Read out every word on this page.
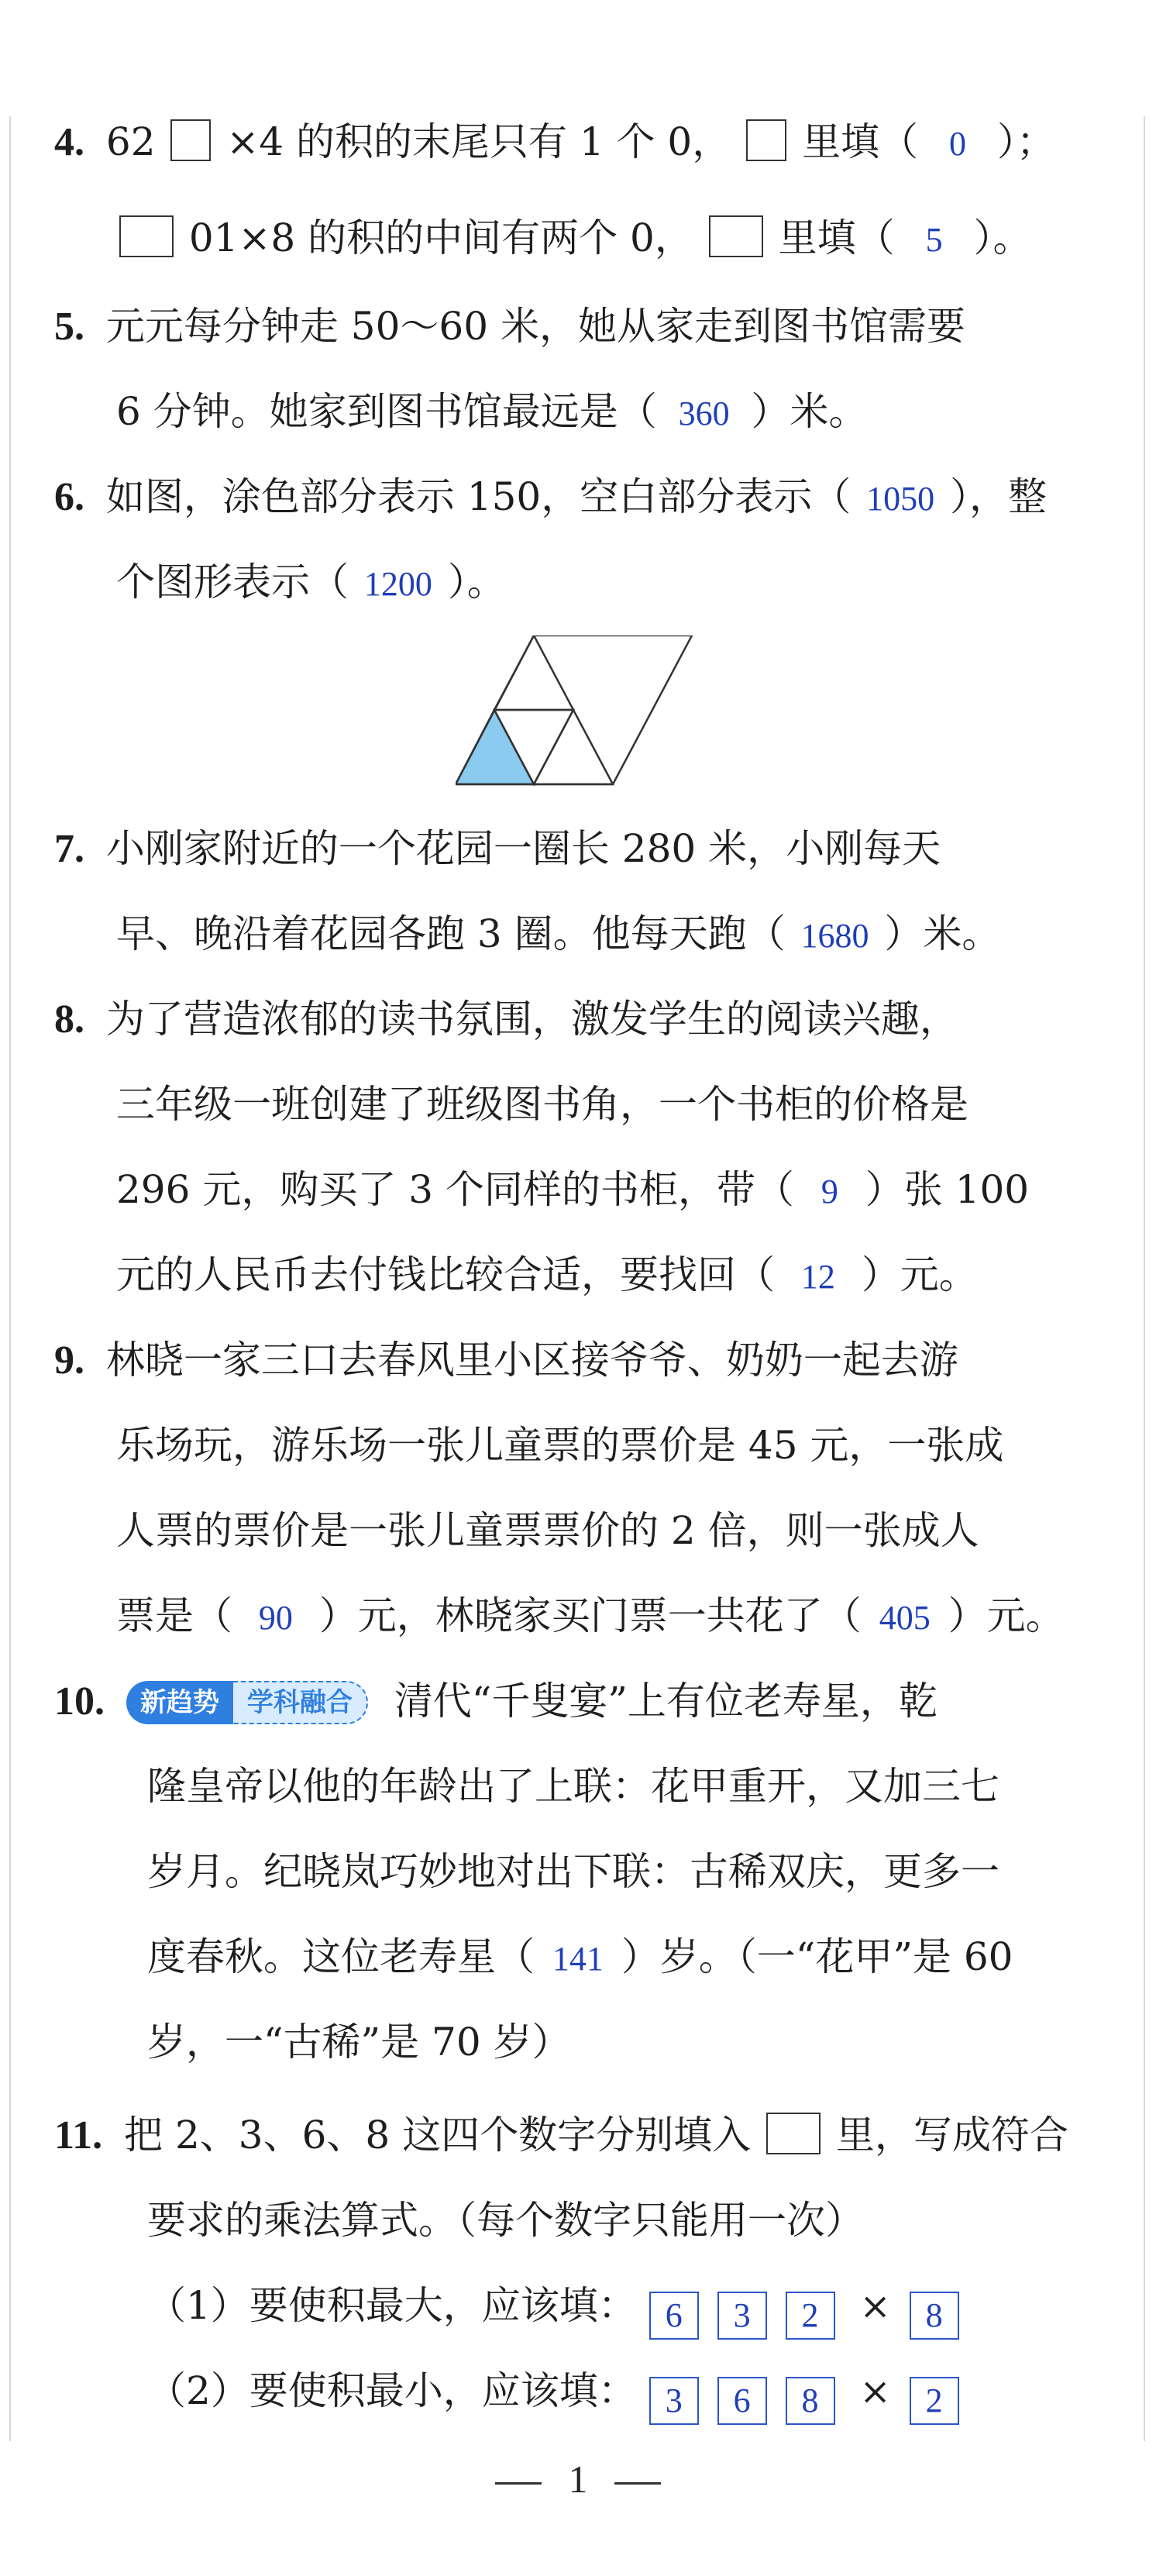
4. 62 ×4 的积的末尾只有 1 个 0， 里填（ 0 ）；
01×8 的积的中间有两个 0， 里填（ 5 ）。
5. 元元每分钟走 50～60 米，她从家走到图书馆需要
6 分钟。她家到图书馆最远是（ 360 ）米。
6. 如图，涂色部分表示 150，空白部分表示（ 1050 ），整
个图形表示（ 1200 ）。
7. 小刚家附近的一个花园一圈长 280 米，小刚每天
早、晚沿着花园各跑 3 圈。他每天跑（ 1680 ）米。
8. 为了营造浓郁的读书氛围，激发学生的阅读兴趣，
三年级一班创建了班级图书角，一个书柜的价格是
296 元，购买了 3 个同样的书柜，带（ 9 ）张 100
元的人民币去付钱比较合适，要找回（ 12 ）元。
9. 林晓一家三口去春风里小区接爷爷、奶奶一起去游
乐场玩，游乐场一张儿童票的票价是 45 元，一张成
人票的票价是一张儿童票票价的 2 倍，则一张成人
票是（ 90 ）元，林晓家买门票一共花了（ 405 ）元。
10.	新趋势	学科融合	清代“千叟宴”上有位老寿星，乾
隆皇帝以他的年龄出了上联：花甲重开，又加三七
岁月。纪晓岚巧妙地对出下联：古稀双庆，更多一
度春秋。这位老寿星（ 141 ）岁。（一“花甲”是 60
岁，一“古稀”是 70 岁）
11. 把 2、3、6、8 这四个数字分别填入 里，写成符合
要求的乘法算式。（每个数字只能用一次）
（1）要使积最大，应该填： 6 3 2 × 8
（2）要使积最小，应该填： 3 6 8 × 2
1
